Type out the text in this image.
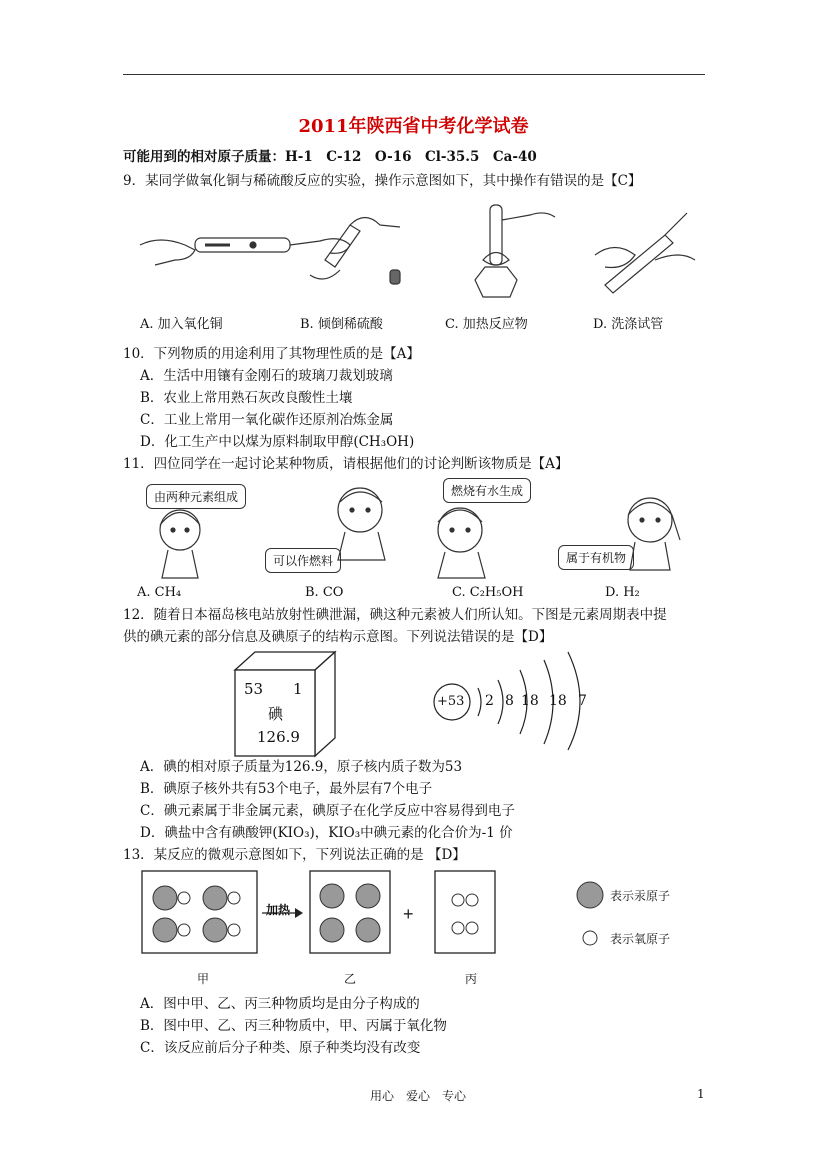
2011年陕西省中考化学试卷
可能用到的相对原子质量：H-1　C-12　O-16　Cl-35.5　Ca-40
9．某同学做氧化铜与稀硫酸反应的实验，操作示意图如下，其中操作有错误的是【C】
A. 加入氧化铜	B. 倾倒稀硫酸	C. 加热反应物	D. 洗涤试管
10．下列物质的用途利用了其物理性质的是【A】
A．生活中用镶有金刚石的玻璃刀裁划玻璃
B．农业上常用熟石灰改良酸性土壤
C．工业上常用一氧化碳作还原剂冶炼金属
D．化工生产中以煤为原料制取甲醇(CH₃OH)
11．四位同学在一起讨论某种物质，请根据他们的讨论判断该物质是【A】
由两种元素组成
可以作燃料
燃烧有水生成
属于有机物
A. CH₄	B. CO	C. C₂H₅OH	D. H₂
12．随着日本福岛核电站放射性碘泄漏，碘这种元素被人们所认知。下图是元素周期表中提
供的碘元素的部分信息及碘原子的结构示意图。下列说法错误的是【D】
53 1
碘
126.9
+53 2 8 18 18 7
A．碘的相对原子质量为126.9，原子核内质子数为53
B．碘原子核外共有53个电子，最外层有7个电子
C．碘元素属于非金属元素，碘原子在化学反应中容易得到电子
D．碘盐中含有碘酸钾(KIO₃)，KIO₃中碘元素的化合价为-1 价
13．某反应的微观示意图如下，下列说法正确的是 【D】
+
加热
表示汞原子
表示氧原子
甲	乙	丙
A．图中甲、乙、丙三种物质均是由分子构成的
B．图中甲、乙、丙三种物质中，甲、丙属于氧化物
C．该反应前后分子种类、原子种类均没有改变
用心　爱心　专心	1
